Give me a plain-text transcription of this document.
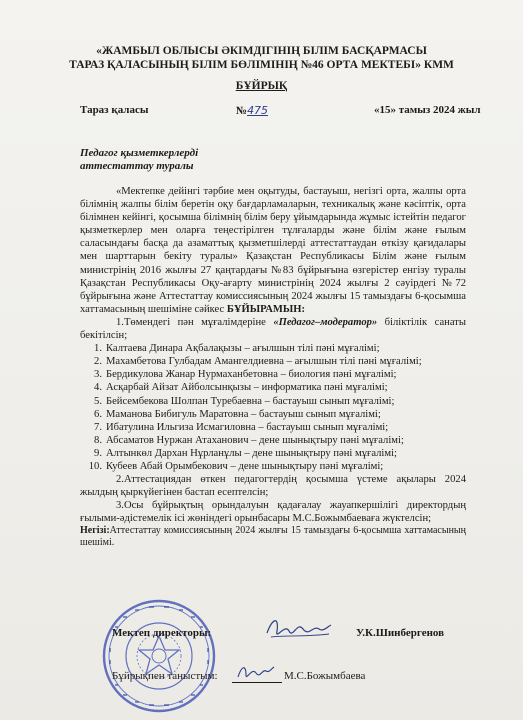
«ЖАМБЫЛ ОБЛЫСЫ ӘКІМДІГІНІҢ БІЛІМ БАСҚАРМАСЫ
ТАРАЗ ҚАЛАСЫНЫҢ БІЛІМ БӨЛІМІНІҢ №46 ОРТА МЕКТЕБІ» КММ
БҰЙРЫҚ
Тараз қаласы	№475	«15» тамыз 2024 жыл
Педагог қызметкерлерді
аттестаттау туралы

«Мектепке дейінгі тәрбие мен оқытуды, бастауыш, негізгі орта, жалпы орта білімнің жалпы білім беретін оқу бағдарламаларын, техникалық және кәсіптік, орта білімнен кейінгі, қосымша білімнің білім беру ұйымдарында жұмыс істейтін педагог қызметкерлер мен оларға теңестірілген тұлғаларды және білім және ғылым саласындағы басқа да азаматтық қызметшілерді аттестаттаудан өткізу қағидалары мен шарттарын бекіту туралы» Қазақстан Республикасы Білім және ғылым министрінің 2016 жылғы 27 қаңтардағы №83 бұйрығына өзгерістер енгізу туралы Қазақстан Республикасы Оқу-ағарту министрінің 2024 жылғы 2 сәуірдегі №72 бұйрығына және Аттестаттау комиссиясының 2024 жылғы 15 тамыздағы 6-қосымша хаттамасының шешіміне сәйкес БҰЙЫРАМЫН:

1.Төмендегі пән мұғалімдеріне «Педагог–модератор» біліктілік санаты бекітілсін;

1. Калтаева Динара Ақбалақызы – ағылшын тілі пәні мұғалімі;
2. Махамбетова Гулбадам Амангелдиевна – ағылшын тілі пәні мұғалімі;
3. Бердикулова Жанар Нурмаханбетовна – биология пәні мұғалімі;
4. Асқарбай Айзат Айболсынқызы – информатика пәні мұғалімі;
5. Бейсембекова Шолпан Туребаевна – бастауыш сынып мұғалімі;
6. Маманова Бибигуль Маратовна – бастауыш сынып мұғалімі;
7. Ибатулина Ильгиза Исмагиловна – бастауыш сынып мұғалімі;
8. Абсаматов Нуржан Атаханович – дене шынықтыру пәні мұғалімі;
9. Алтынкөл Дархан Нұрланұлы – дене шынықтыру пәні мұғалімі;
10. Кубеев Абай Орымбекович – дене шынықтыру пәні мұғалімі;

2.Аттестациядан өткен педагогтердің қосымша үстеме ақылары 2024 жылдың қыркүйегінен бастап есептелсін;

3.Осы бұйрықтың орындалуын қадағалау жауапкершілігі директордың ғылыми-әдістемелік ісі жөніндегі орынбасары М.С.Божымбаеваға жүктелсін;

Негізі:Аттестаттау комиссиясының 2024 жылғы 15 тамыздағы 6-қосымша хаттамасының шешімі.

Мектеп директоры:	У.К.Шинбергенов
Бұйрықпен таныстым:	М.С.Божымбаева
